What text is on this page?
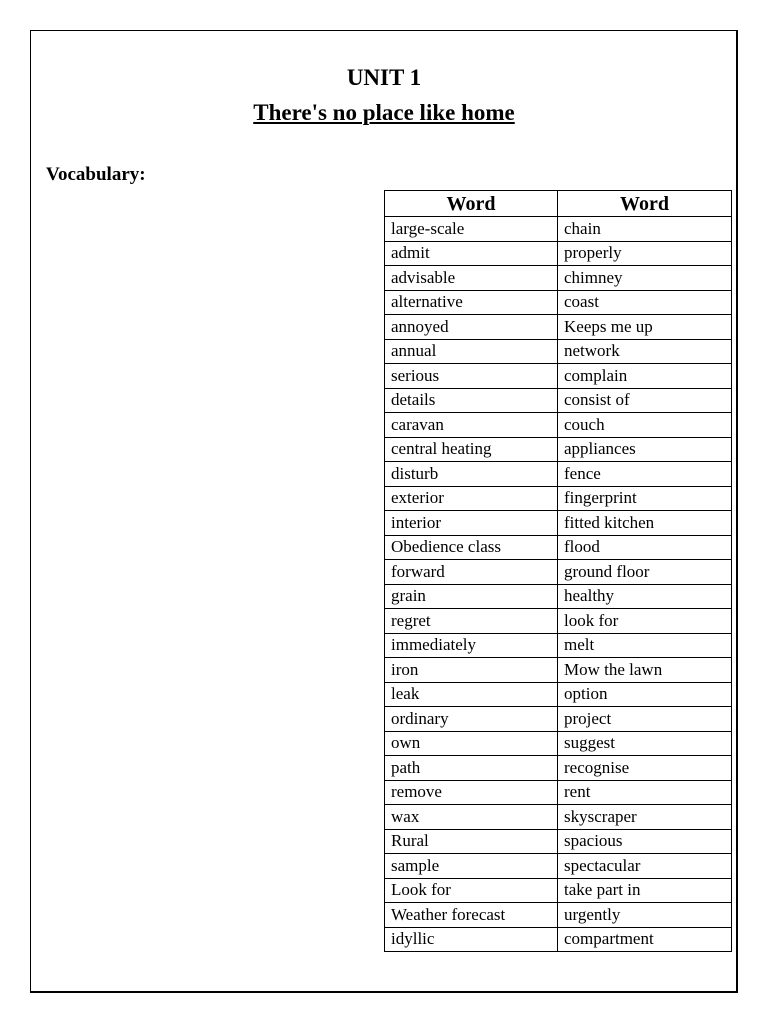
UNIT 1
There's no place like home
Vocabulary:
Word	Word
large-scale	chain
admit	properly
advisable	chimney
alternative	coast
annoyed	Keeps me up
annual	network
serious	complain
details	consist of
caravan	couch
central heating	appliances
disturb	fence
exterior	fingerprint
interior	fitted kitchen
Obedience class	flood
forward	ground floor
grain	healthy
regret	look for
immediately	melt
iron	Mow the lawn
leak	option
ordinary	project
own	suggest
path	recognise
remove	rent
wax	skyscraper
Rural	spacious
sample	spectacular
Look for	take part in
Weather forecast	urgently
idyllic	compartment
